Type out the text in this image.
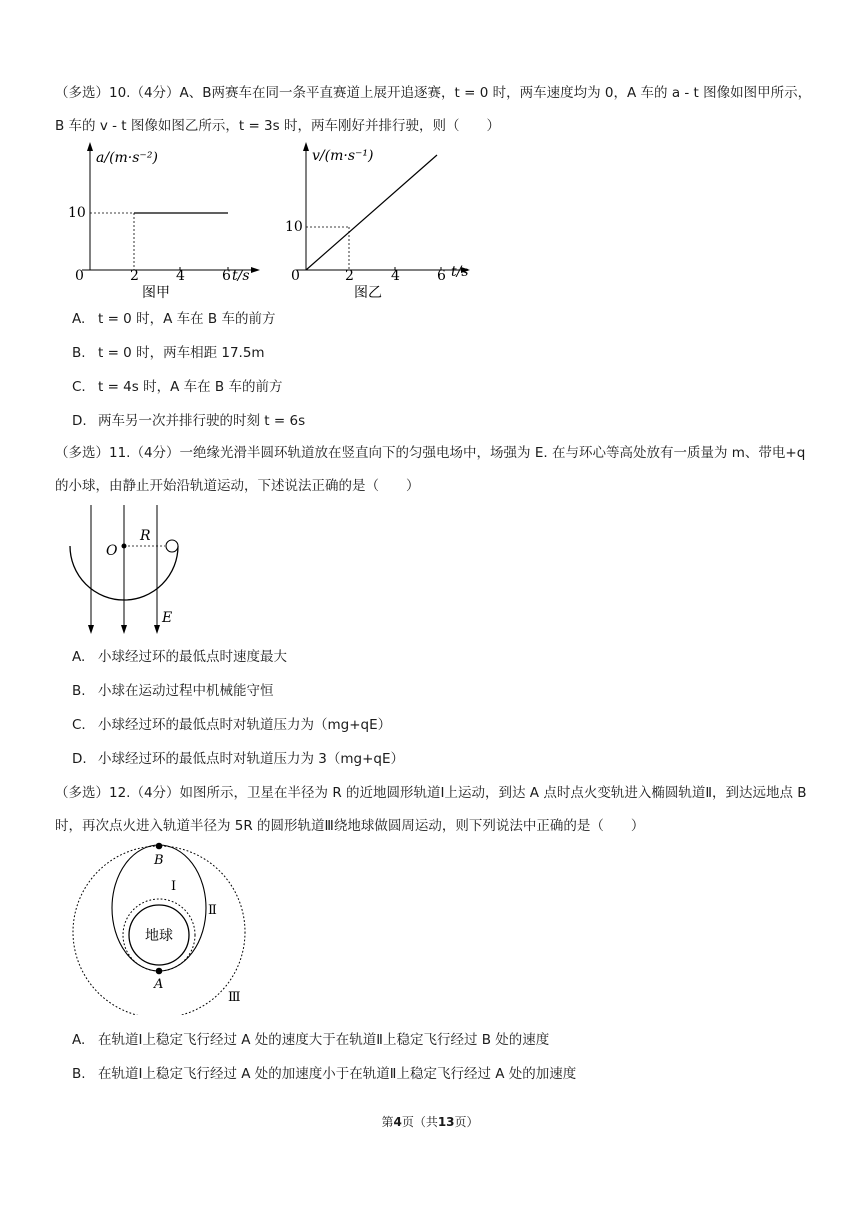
（多选）10.（4分）A、B两赛车在同一条平直赛道上展开追逐赛，t = 0 时，两车速度均为 0，A 车的 a - t 图像如图甲所示，B 车的 v - t 图像如图乙所示，t = 3s 时，两车刚好并排行驶，则（　　）
a/(m·s⁻²)
10
0	2	4	6 t/s
图甲
v/(m·s⁻¹)
10
0	2	4	6 t/s
图乙
A. t = 0 时，A 车在 B 车的前方
B. t = 0 时，两车相距 17.5m
C. t = 4s 时，A 车在 B 车的前方
D. 两车另一次并排行驶的时刻 t = 6s
（多选）11.（4分）一绝缘光滑半圆环轨道放在竖直向下的匀强电场中，场强为 E. 在与环心等高处放有一质量为 m、带电+q 的小球，由静止开始沿轨道运动，下述说法正确的是（　　）
O
R
E
A. 小球经过环的最低点时速度最大
B. 小球在运动过程中机械能守恒
C. 小球经过环的最低点时对轨道压力为（mg+qE）
D. 小球经过环的最低点时对轨道压力为 3（mg+qE）
（多选）12.（4分）如图所示，卫星在半径为 R 的近地圆形轨道Ⅰ上运动，到达 A 点时点火变轨进入椭圆轨道Ⅱ，到达远地点 B 时，再次点火进入轨道半径为 5R 的圆形轨道Ⅲ绕地球做圆周运动，则下列说法中正确的是（　　）
地球
B
A
Ⅰ
Ⅱ
Ⅲ
A. 在轨道Ⅰ上稳定飞行经过 A 处的速度大于在轨道Ⅱ上稳定飞行经过 B 处的速度
B. 在轨道Ⅰ上稳定飞行经过 A 处的加速度小于在轨道Ⅱ上稳定飞行经过 A 处的加速度
第4页（共13页）
